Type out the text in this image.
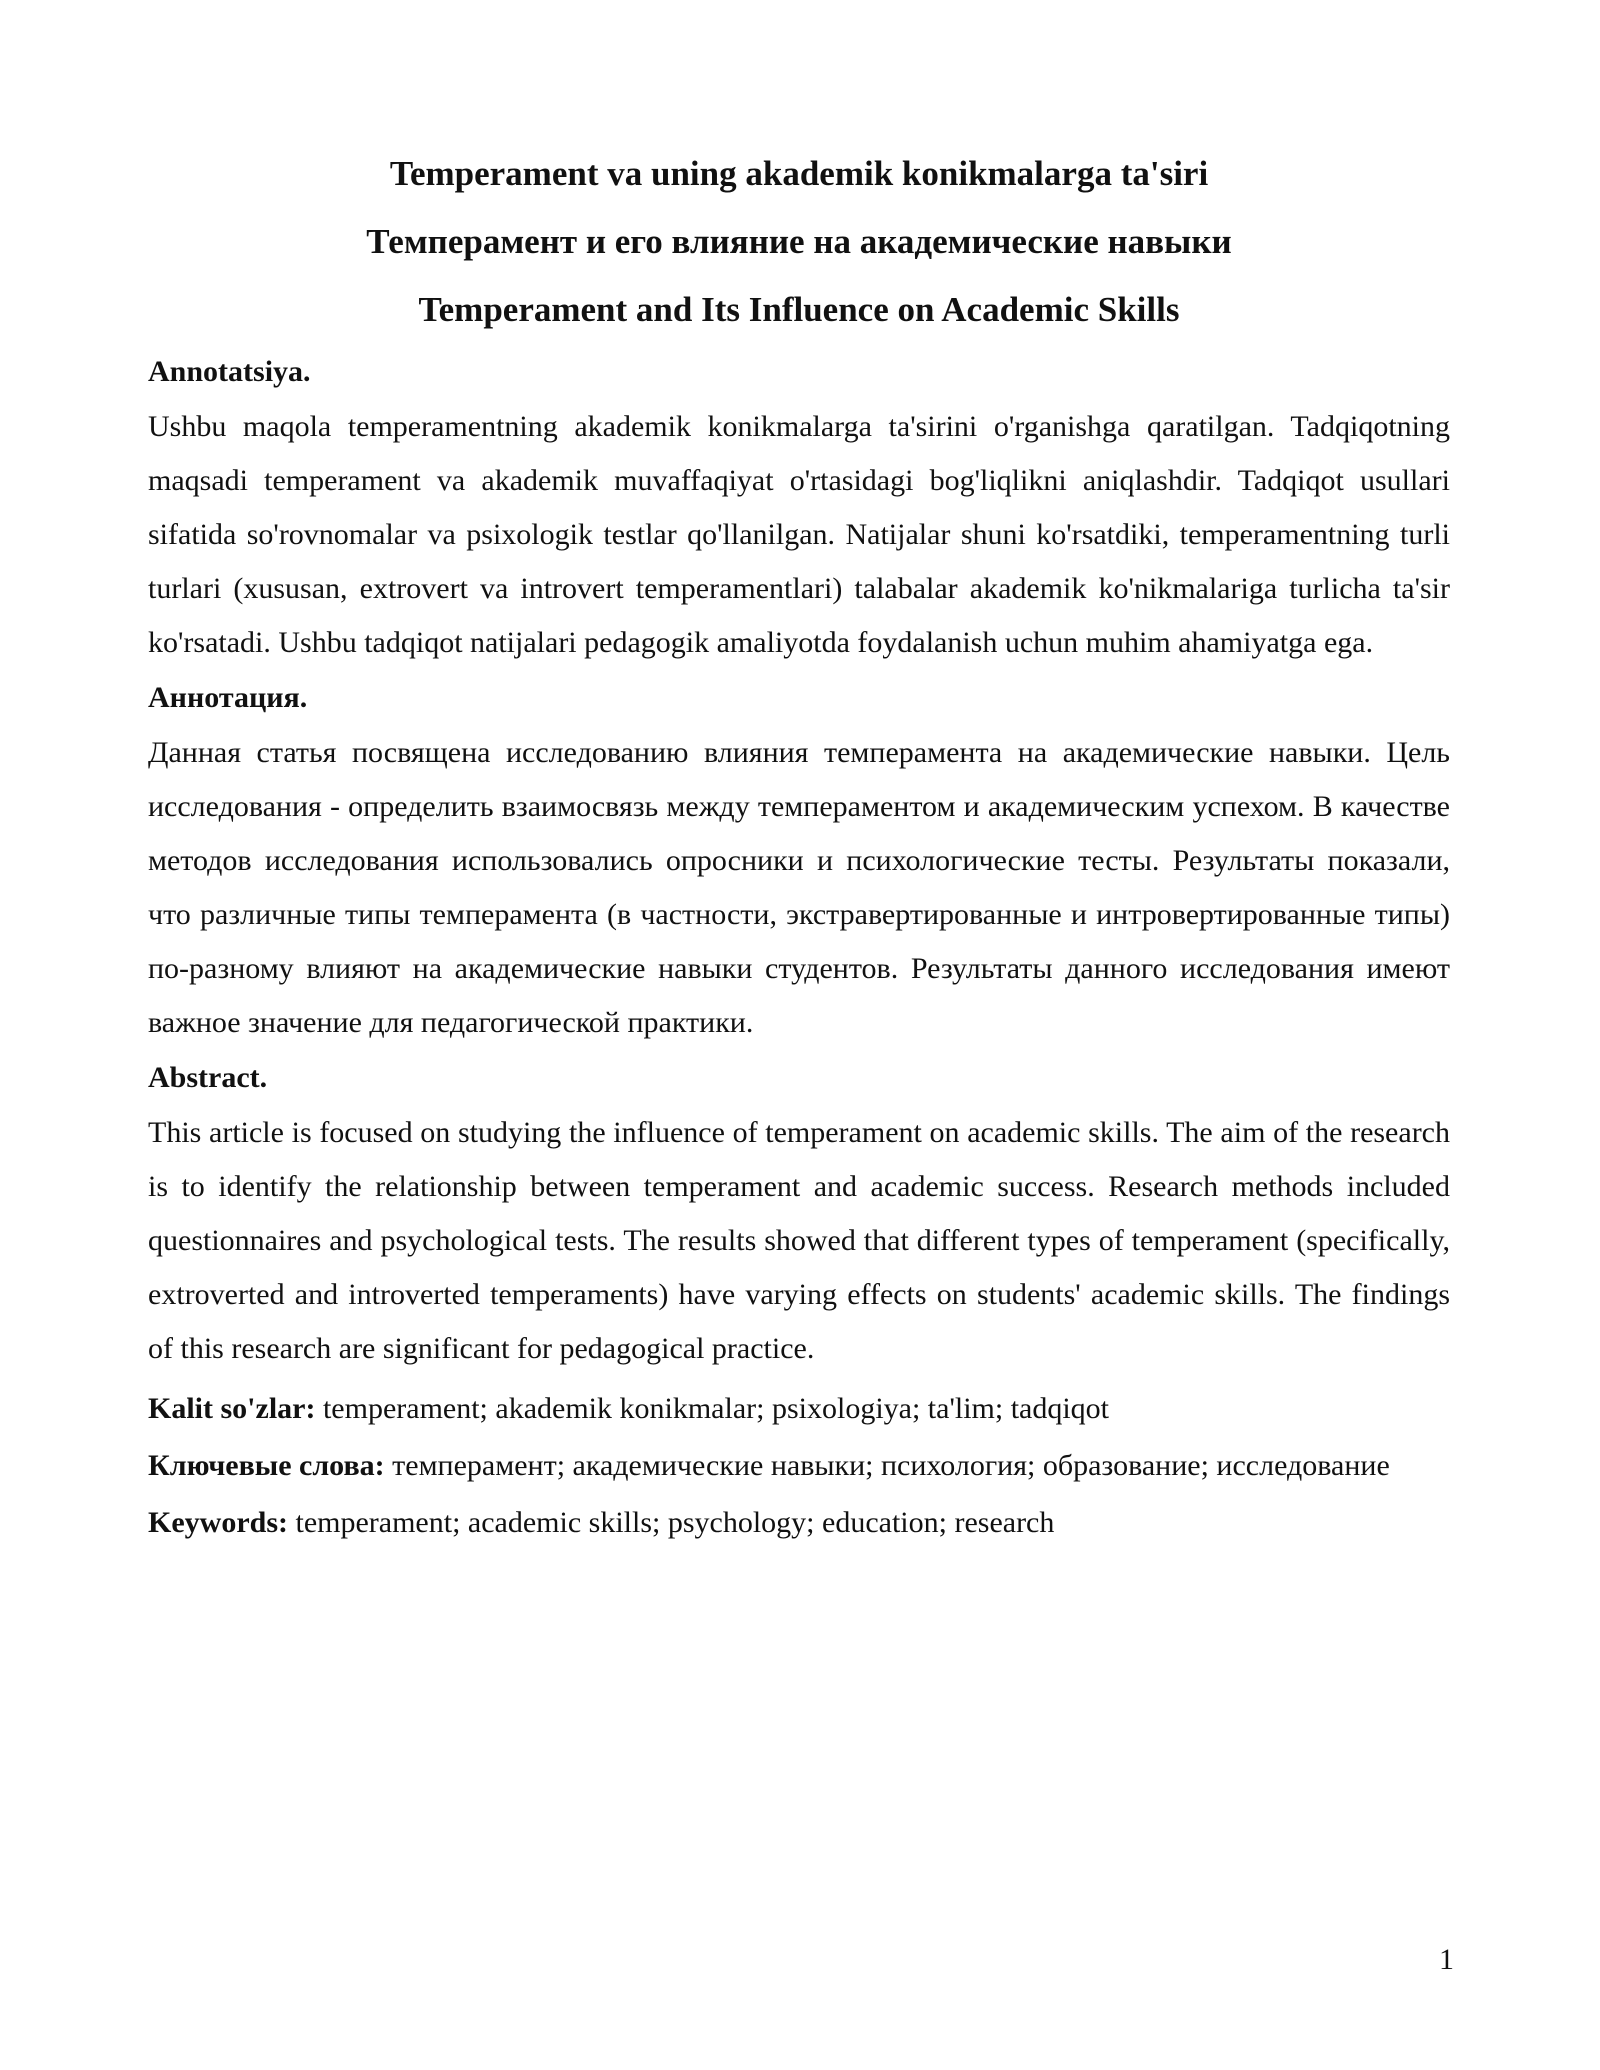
Temperament va uning akademik konikmalarga ta'siri
Темперамент и его влияние на академические навыки
Temperament and Its Influence on Academic Skills
Annotatsiya.

Ushbu maqola temperamentning akademik konikmalarga ta'sirini o'rganishga qaratilgan. Tadqiqotning maqsadi temperament va akademik muvaffaqiyat o'rtasidagi bog'liqlikni aniqlashdir. Tadqiqot usullari sifatida so'rovnomalar va psixologik testlar qo'llanilgan. Natijalar shuni ko'rsatdiki, temperamentning turli turlari (xususan, extrovert va introvert temperamentlari) talabalar akademik ko'nikmalariga turlicha ta'sir ko'rsatadi. Ushbu tadqiqot natijalari pedagogik amaliyotda foydalanish uchun muhim ahamiyatga ega.

Аннотация.

Данная статья посвящена исследованию влияния темперамента на академические навыки. Цель исследования - определить взаимосвязь между темпераментом и академическим успехом. В качестве методов исследования использовались опросники и психологические тесты. Результаты показали, что различные типы темперамента (в частности, экстравертированные и интровертированные типы) по-разному влияют на академические навыки студентов. Результаты данного исследования имеют важное значение для педагогической практики.

Abstract.

This article is focused on studying the influence of temperament on academic skills. The aim of the research is to identify the relationship between temperament and academic success. Research methods included questionnaires and psychological tests. The results showed that different types of temperament (specifically, extroverted and introverted temperaments) have varying effects on students' academic skills. The findings of this research are significant for pedagogical practice.

Kalit so'zlar: temperament; akademik konikmalar; psixologiya; ta'lim; tadqiqot

Ключевые слова: темперамент; академические навыки; психология; образование; исследование

Keywords: temperament; academic skills; psychology; education; research

1
